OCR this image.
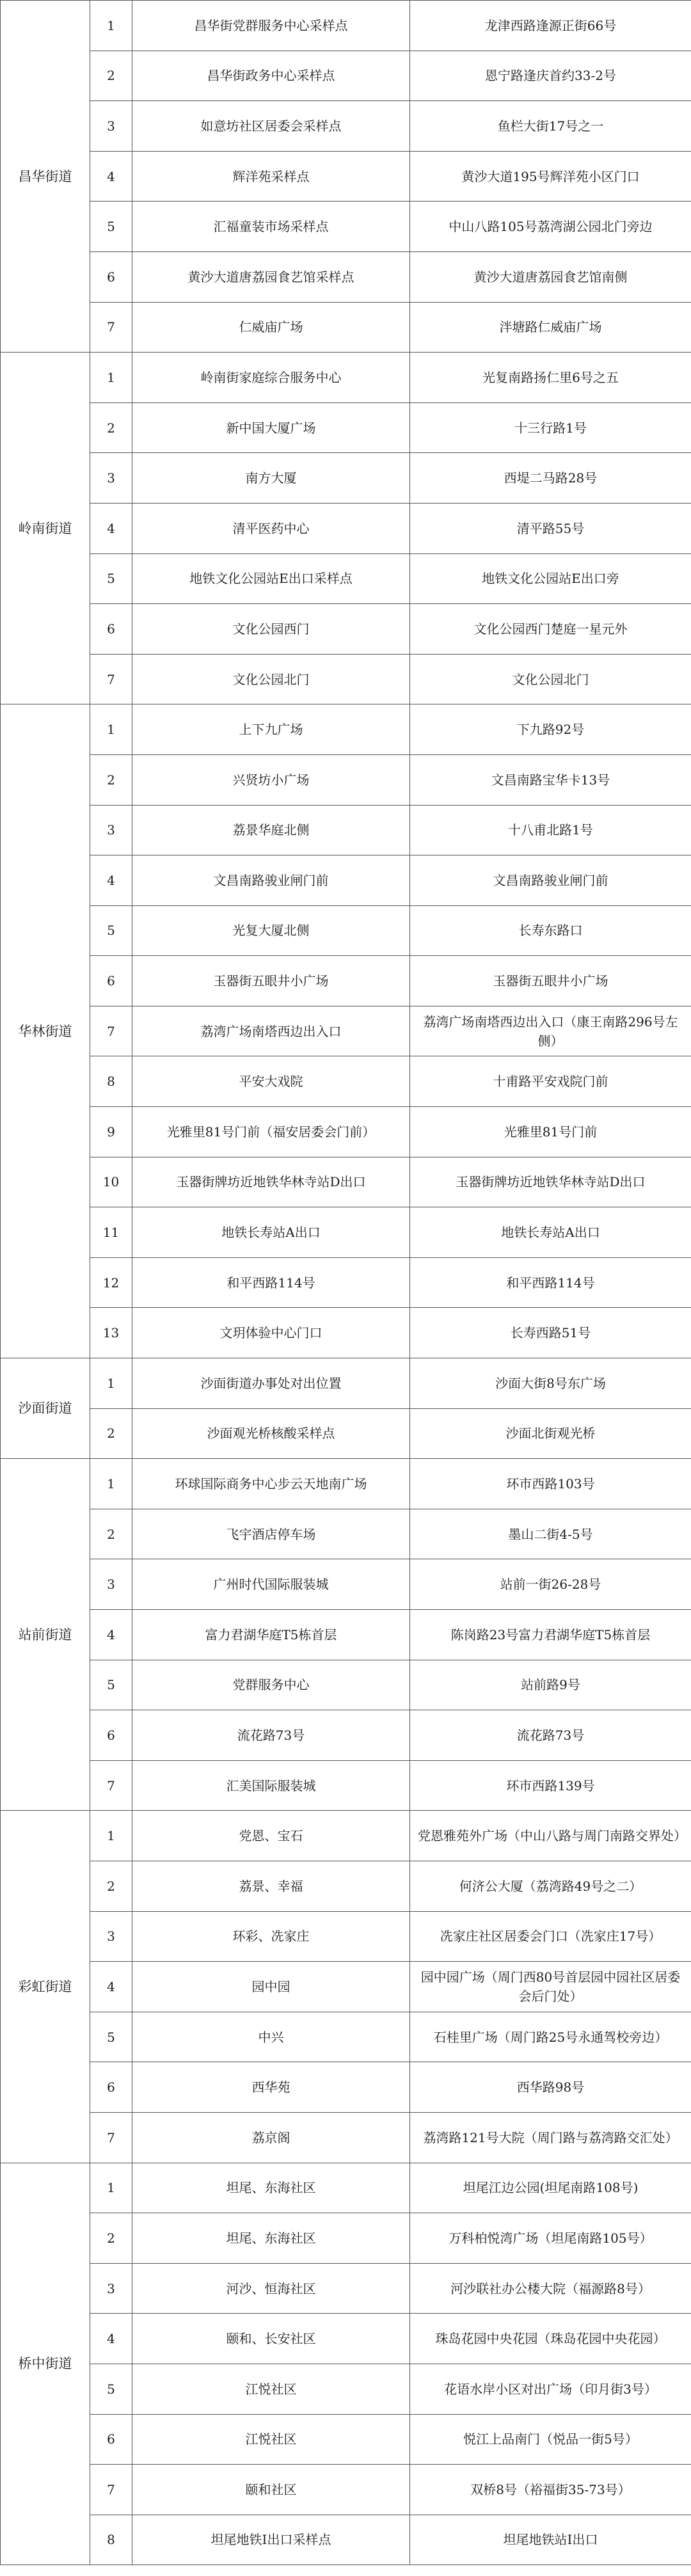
昌华街道	1	昌华街党群服务中心采样点	龙津西路逢源正街66号
	2	昌华街政务中心采样点	恩宁路逢庆首约33-2号
	3	如意坊社区居委会采样点	鱼栏大街17号之一
	4	辉洋苑采样点	黄沙大道195号辉洋苑小区门口
	5	汇福童装市场采样点	中山八路105号荔湾湖公园北门旁边
	6	黄沙大道唐荔园食艺馆采样点	黄沙大道唐荔园食艺馆南侧
	7	仁威庙广场	泮塘路仁威庙广场
岭南街道	1	岭南街家庭综合服务中心	光复南路扬仁里6号之五
	2	新中国大厦广场	十三行路1号
	3	南方大厦	西堤二马路28号
	4	清平医药中心	清平路55号
	5	地铁文化公园站E出口采样点	地铁文化公园站E出口旁
	6	文化公园西门	文化公园西门楚庭一星元外
	7	文化公园北门	文化公园北门
华林街道	1	上下九广场	下九路92号
	2	兴贤坊小广场	文昌南路宝华卡13号
	3	荔景华庭北侧	十八甫北路1号
	4	文昌南路骏业闸门前	文昌南路骏业闸门前
	5	光复大厦北侧	长寿东路口
	6	玉器街五眼井小广场	玉器街五眼井小广场
	7	荔湾广场南塔西边出入口	荔湾广场南塔西边出入口（康王南路296号左侧）
	8	平安大戏院	十甫路平安戏院门前
	9	光雅里81号门前（福安居委会门前）	光雅里81号门前
	10	玉器街牌坊近地铁华林寺站D出口	玉器街牌坊近地铁华林寺站D出口
	11	地铁长寿站A出口	地铁长寿站A出口
	12	和平西路114号	和平西路114号
	13	文玥体验中心门口	长寿西路51号
沙面街道	1	沙面街道办事处对出位置	沙面大街8号东广场
	2	沙面观光桥核酸采样点	沙面北街观光桥
站前街道	1	环球国际商务中心步云天地南广场	环市西路103号
	2	飞宇酒店停车场	墨山二街4-5号
	3	广州时代国际服装城	站前一街26-28号
	4	富力君湖华庭T5栋首层	陈岗路23号富力君湖华庭T5栋首层
	5	党群服务中心	站前路9号
	6	流花路73号	流花路73号
	7	汇美国际服装城	环市西路139号
彩虹街道	1	党恩、宝石	党恩雅苑外广场（中山八路与周门南路交界处）
	2	荔景、幸福	何济公大厦（荔湾路49号之二）
	3	环彩、冼家庄	冼家庄社区居委会门口（冼家庄17号）
	4	园中园	园中园广场（周门西80号首层园中园社区居委会后门处）
	5	中兴	石桂里广场（周门路25号永通驾校旁边）
	6	西华苑	西华路98号
	7	荔京阁	荔湾路121号大院（周门路与荔湾路交汇处）
桥中街道	1	坦尾、东海社区	坦尾江边公园(坦尾南路108号)
	2	坦尾、东海社区	万科柏悦湾广场（坦尾南路105号）
	3	河沙、恒海社区	河沙联社办公楼大院（福源路8号）
	4	颐和、长安社区	珠岛花园中央花园（珠岛花园中央花园）
	5	江悦社区	花语水岸小区对出广场（印月街3号）
	6	江悦社区	悦江上品南门（悦品一街5号）
	7	颐和社区	双桥8号（裕福街35-73号）
	8	坦尾地铁I出口采样点	坦尾地铁站I出口
